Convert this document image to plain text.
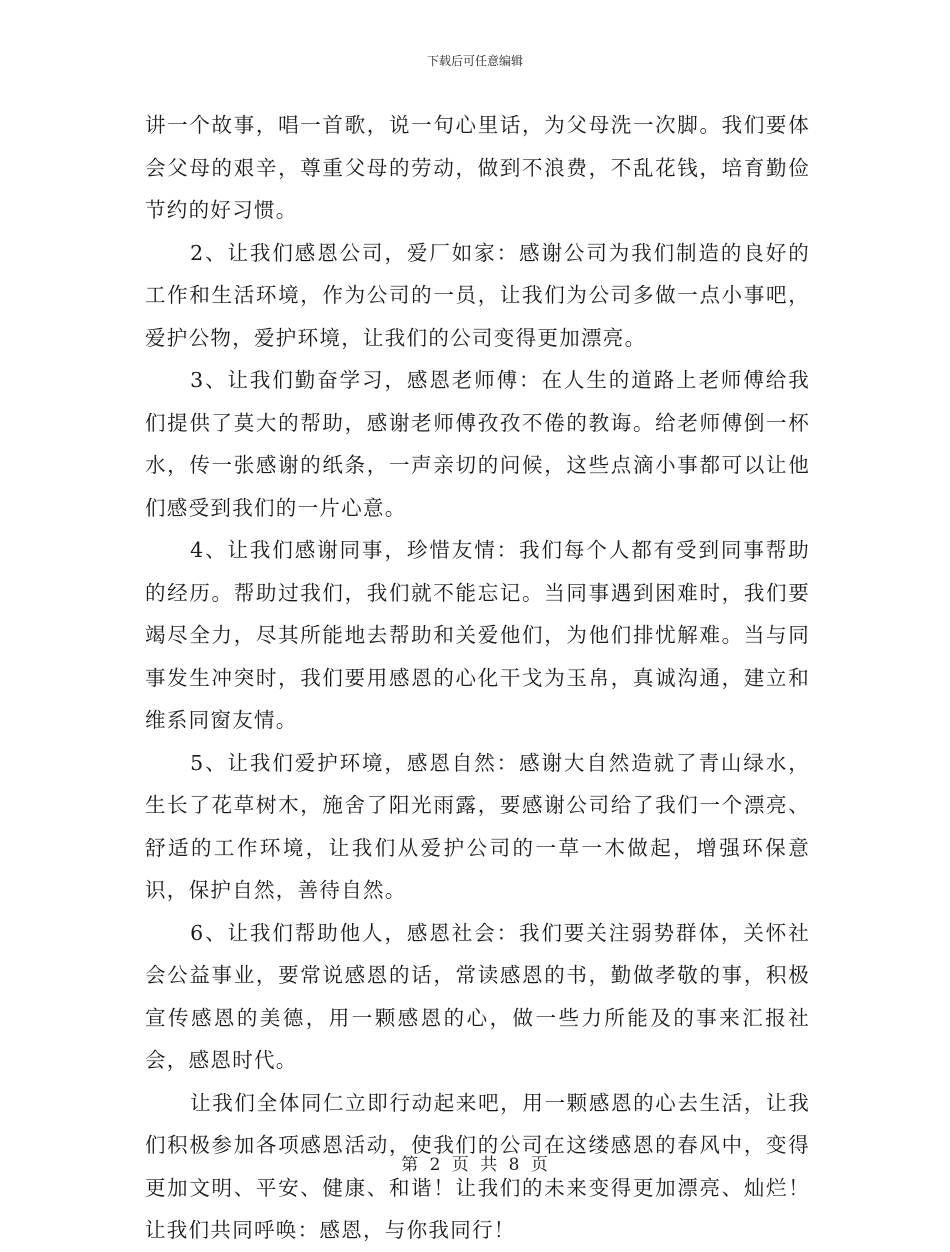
下载后可任意编辑

讲一个故事，唱一首歌，说一句心里话，为父母洗一次脚。我们要体会父母的艰辛，尊重父母的劳动，做到不浪费，不乱花钱，培育勤俭节约的好习惯。

2、让我们感恩公司，爱厂如家：感谢公司为我们制造的良好的工作和生活环境，作为公司的一员，让我们为公司多做一点小事吧，爱护公物，爱护环境，让我们的公司变得更加漂亮。

3、让我们勤奋学习，感恩老师傅：在人生的道路上老师傅给我们提供了莫大的帮助，感谢老师傅孜孜不倦的教诲。给老师傅倒一杯水，传一张感谢的纸条，一声亲切的问候，这些点滴小事都可以让他们感受到我们的一片心意。

4、让我们感谢同事，珍惜友情：我们每个人都有受到同事帮助的经历。帮助过我们，我们就不能忘记。当同事遇到困难时，我们要竭尽全力，尽其所能地去帮助和关爱他们，为他们排忧解难。当与同事发生冲突时，我们要用感恩的心化干戈为玉帛，真诚沟通，建立和维系同窗友情。

5、让我们爱护环境，感恩自然：感谢大自然造就了青山绿水，生长了花草树木，施舍了阳光雨露，要感谢公司给了我们一个漂亮、舒适的工作环境，让我们从爱护公司的一草一木做起，增强环保意识，保护自然，善待自然。

6、让我们帮助他人，感恩社会：我们要关注弱势群体，关怀社会公益事业，要常说感恩的话，常读感恩的书，勤做孝敬的事，积极宣传感恩的美德，用一颗感恩的心，做一些力所能及的事来汇报社会，感恩时代。

让我们全体同仁立即行动起来吧，用一颗感恩的心去生活，让我们积极参加各项感恩活动，使我们的公司在这缕感恩的春风中，变得更加文明、平安、健康、和谐！让我们的未来变得更加漂亮、灿烂！让我们共同呼唤：感恩，与你我同行！

第 2 页 共 8 页
